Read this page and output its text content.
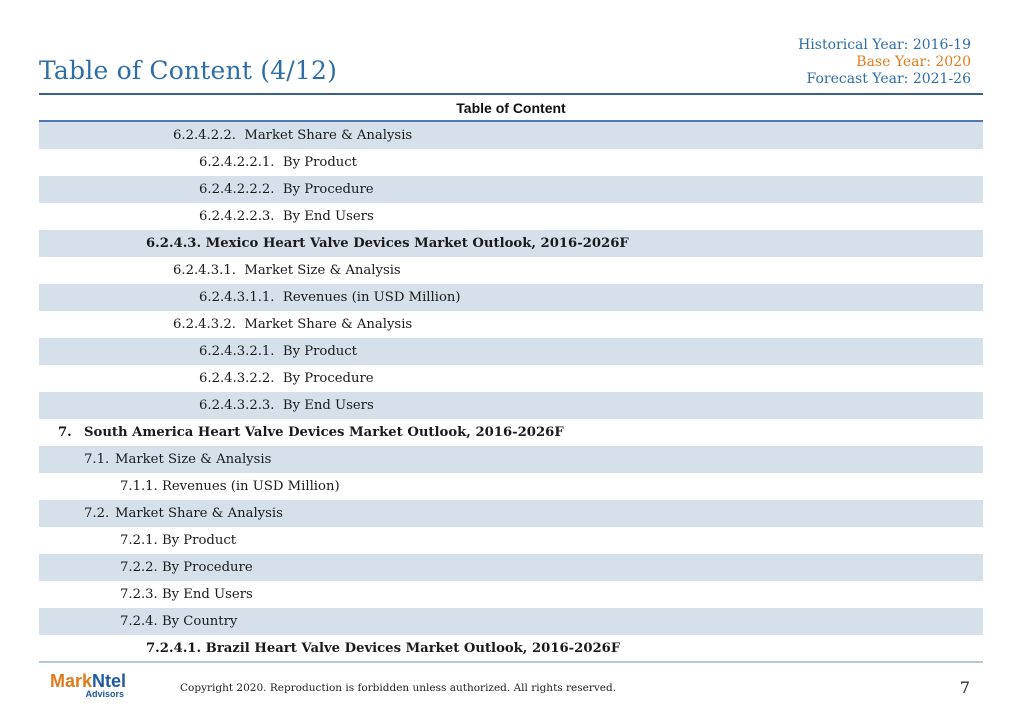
Table of Content (4/12)
Historical Year: 2016-19
Base Year: 2020
Forecast Year: 2021-26
Table of Content
6.2.4.2.2. Market Share & Analysis
6.2.4.2.2.1. By Product
6.2.4.2.2.2. By Procedure
6.2.4.2.2.3. By End Users
6.2.4.3. Mexico Heart Valve Devices Market Outlook, 2016-2026F
6.2.4.3.1. Market Size & Analysis
6.2.4.3.1.1. Revenues (in USD Million)
6.2.4.3.2. Market Share & Analysis
6.2.4.3.2.1. By Product
6.2.4.3.2.2. By Procedure
6.2.4.3.2.3. By End Users
7. South America Heart Valve Devices Market Outlook, 2016-2026F
7.1. Market Size & Analysis
7.1.1. Revenues (in USD Million)
7.2. Market Share & Analysis
7.2.1. By Product
7.2.2. By Procedure
7.2.3. By End Users
7.2.4. By Country
7.2.4.1. Brazil Heart Valve Devices Market Outlook, 2016-2026F
MarkNtel
Advisors	Copyright 2020. Reproduction is forbidden unless authorized. All rights reserved.	7
